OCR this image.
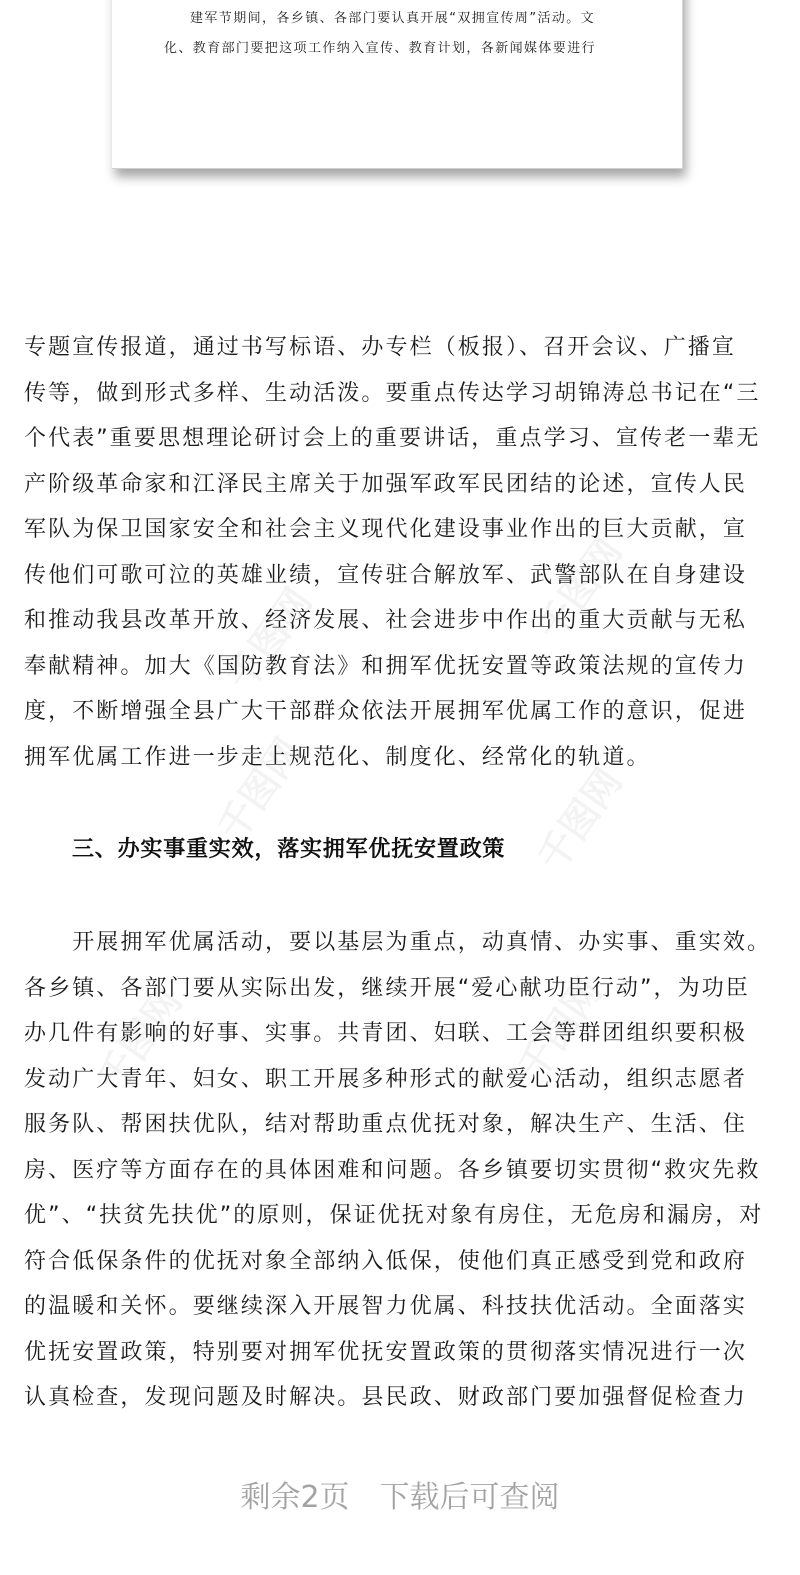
建军节期间，各乡镇、各部门要认真开展“双拥宣传周”活动。文
化、教育部门要把这项工作纳入宣传、教育计划，各新闻媒体要进行
千图网
千图网
千图网	千图网
千图网	千图网
专题宣传报道，通过书写标语、办专栏（板报）、召开会议、广播宣
传等，做到形式多样、生动活泼。要重点传达学习胡锦涛总书记在“三
个代表”重要思想理论研讨会上的重要讲话，重点学习、宣传老一辈无
产阶级革命家和江泽民主席关于加强军政军民团结的论述，宣传人民
军队为保卫国家安全和社会主义现代化建设事业作出的巨大贡献，宣
传他们可歌可泣的英雄业绩，宣传驻合解放军、武警部队在自身建设
和推动我县改革开放、经济发展、社会进步中作出的重大贡献与无私
奉献精神。加大《国防教育法》和拥军优抚安置等政策法规的宣传力
度，不断增强全县广大干部群众依法开展拥军优属工作的意识，促进
拥军优属工作进一步走上规范化、制度化、经常化的轨道。
三、办实事重实效，落实拥军优抚安置政策
　　开展拥军优属活动，要以基层为重点，动真情、办实事、重实效。
各乡镇、各部门要从实际出发，继续开展“爱心献功臣行动”，为功臣
办几件有影响的好事、实事。共青团、妇联、工会等群团组织要积极
发动广大青年、妇女、职工开展多种形式的献爱心活动，组织志愿者
服务队、帮困扶优队，结对帮助重点优抚对象，解决生产、生活、住
房、医疗等方面存在的具体困难和问题。各乡镇要切实贯彻“救灾先救
优”、“扶贫先扶优”的原则，保证优抚对象有房住，无危房和漏房，对
符合低保条件的优抚对象全部纳入低保，使他们真正感受到党和政府
的温暖和关怀。要继续深入开展智力优属、科技扶优活动。全面落实
优抚安置政策，特别要对拥军优抚安置政策的贯彻落实情况进行一次
认真检查，发现问题及时解决。县民政、财政部门要加强督促检查力
剩余2页　下载后可查阅
